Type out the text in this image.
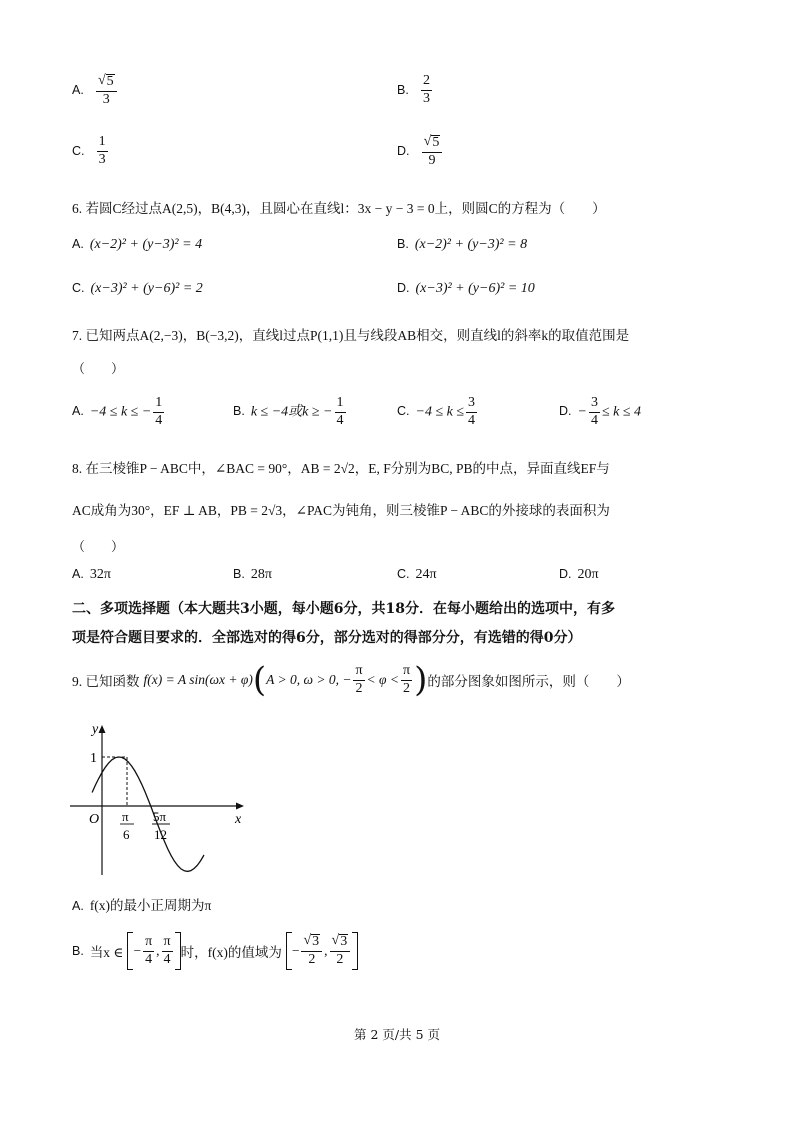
A. $\frac{√ 5}{3}$	B. $\frac{2}{3}$
C. $\frac{1}{3}$	D. $\frac{√ 5}{9}$
6. 若圆C经过点A(2,5)，B(4,3)，且圆心在直线l：3x − y − 3 = 0上，则圆C的方程为（　　）
A. (x−2)² + (y−3)² = 4	B. (x−2)² + (y−3)² = 8
C. (x−3)² + (y−6)² = 2	D. (x−3)² + (y−6)² = 10
7. 已知两点A(2,−3)，B(−3,2)，直线l过点P(1,1)且与线段AB相交，则直线l的斜率k的取值范围是
（　　）
A. −4 ≤ k ≤ − $\frac{1}{4}$	B. k ≤ −4或k ≥ − $\frac{1}{4}$	C. $-4 \le k \le \frac{3}{4}$	D. − $\frac{3}{4} \le k \le 4$
8. 在三棱锥P − ABC中，∠BAC = 90°，AB = 2√2，E, F分别为BC, PB的中点，异面直线EF与
AC成角为30°，EF ⊥ AB，PB = 2√3，∠PAC为钝角，则三棱锥P − ABC的外接球的表面积为
（　　）
A. 32π	B. 28π	C. 24π	D. 20π
二、多项选择题（本大题共3小题，每小题6分，共18分．在每小题给出的选项中，有多
项是符合题目要求的．全部选对的得6分，部分选对的得部分分，有选错的得0分）
9. 已知函数 f(x) = A sin(ωx + φ) ( A > 0, ω > 0, − $\frac{\pi}{2} < \varphi < \frac{\pi}{2}$ ) 的部分图象如图所示，则（　　）
y
x
O
1
π
6
5π
12
A. f(x)的最小正周期为π
B. 当x ∈ − $\frac{\pi}{4}$ , $\frac{\pi}{4}$ 时，f(x)的值域为 − $\frac{√ 3}{2}$ , $\frac{√ 3}{2}$
第 2 页/共 5 页
